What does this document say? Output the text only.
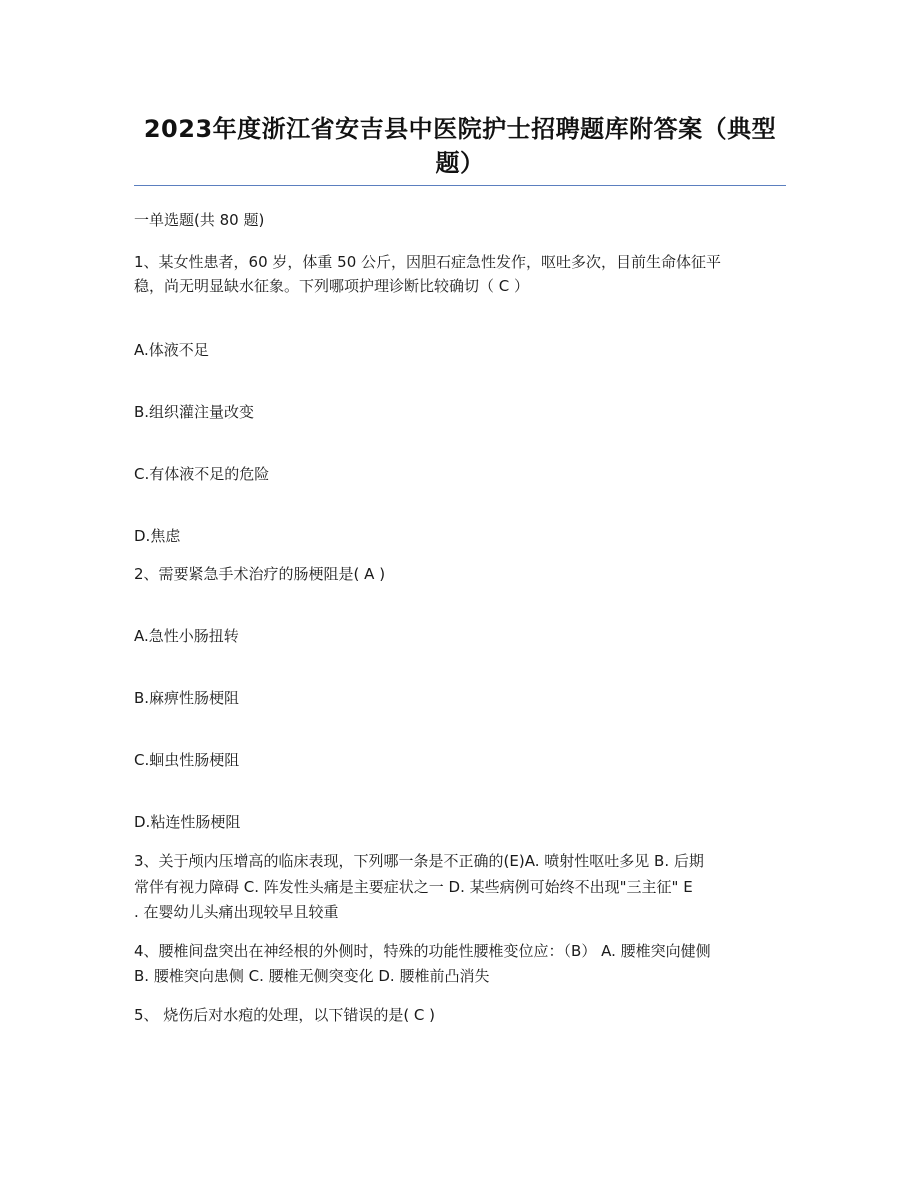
2023年度浙江省安吉县中医院护士招聘题库附答案（典型题）
一单选题(共 80 题)
1、某女性患者，60 岁，体重 50 公斤，因胆石症急性发作，呕吐多次，目前生命体征平
稳，尚无明显缺水征象。下列哪项护理诊断比较确切（ C ）
A.体液不足
B.组织灌注量改变
C.有体液不足的危险
D.焦虑
2、需要紧急手术治疗的肠梗阻是( A )
A.急性小肠扭转
B.麻痹性肠梗阻
C.蛔虫性肠梗阻
D.粘连性肠梗阻
3、关于颅内压增高的临床表现，下列哪一条是不正确的(E)A. 喷射性呕吐多见 B. 后期
常伴有视力障碍 C. 阵发性头痛是主要症状之一 D. 某些病例可始终不出现"三主征" E
. 在婴幼儿头痛出现较早且较重
4、腰椎间盘突出在神经根的外侧时，特殊的功能性腰椎变位应：（B） A. 腰椎突向健侧
B. 腰椎突向患侧 C. 腰椎无侧突变化 D. 腰椎前凸消失
5、 烧伤后对水疱的处理，以下错误的是( C )
